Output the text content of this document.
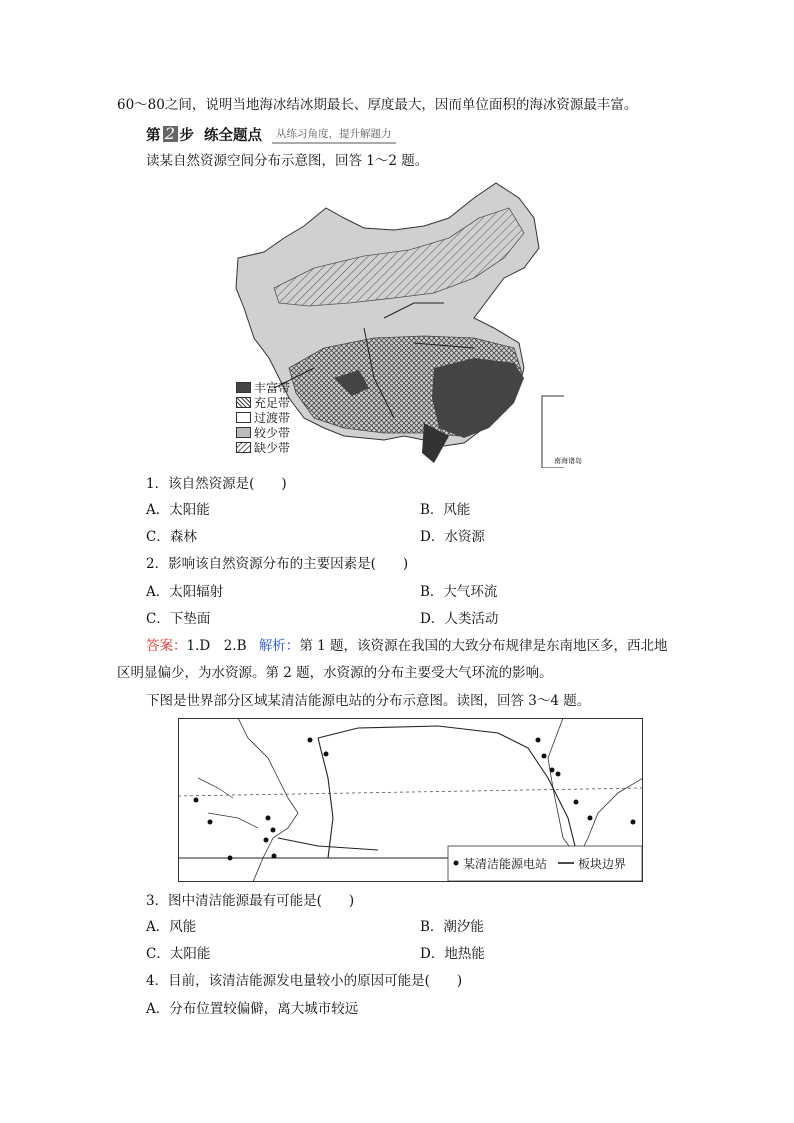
60～80之间，说明当地海冰结冰期最长、厚度最大，因而单位面积的海冰资源最丰富。
第 2 步 练全题点	从练习角度，提升解题力
读某自然资源空间分布示意图，回答 1～2 题。
丰富带
充足带
过渡带
较少带
缺少带
南海诸岛
1．该自然资源是(　　)
A．太阳能	B．风能
C．森林	D．水资源
2．影响该自然资源分布的主要因素是(　　)
A．太阳辐射	B．大气环流
C．下垫面	D．人类活动
答案：1.D　2.B 解析：第 1 题，该资源在我国的大致分布规律是东南地区多，西北地
区明显偏少，为水资源。第 2 题，水资源的分布主要受大气环流的影响。
下图是世界部分区域某清洁能源电站的分布示意图。读图，回答 3～4 题。
某清洁能源电站	板块边界
3．图中清洁能源最有可能是(　　)
A．风能	B．潮汐能
C．太阳能	D．地热能
4．目前，该清洁能源发电量较小的原因可能是(　　)
A．分布位置较偏僻，离大城市较远
